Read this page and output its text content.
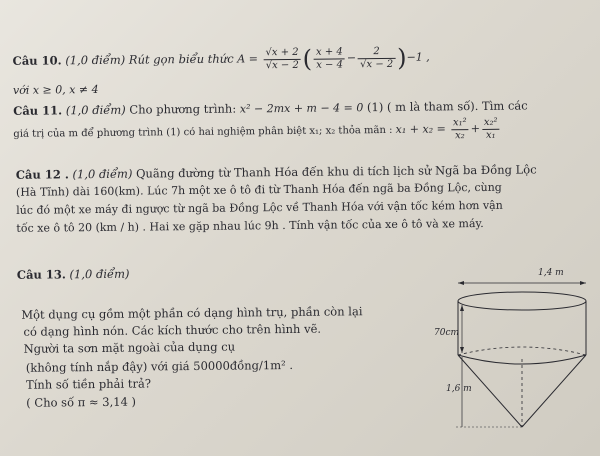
Câu 10. (1,0 điểm) Rút gọn biểu thức $A = \frac{√x + 2}{√x - 2}$ ( $\frac{x + 4}{x - 4} - \frac{2}{√x - 2} )-1$ ,
với x ≥ 0, x ≠ 4
Câu 11. (1,0 điểm) Cho phương trình: x² − 2mx + m − 4 = 0 (1) ( m là tham số). Tìm các
giá trị của m để phương trình (1) có hai nghiệm phân biệt x₁; x₂ thỏa mãn : $x_1 + x_2 = \frac{\text{x₁²}}{\text{x₂}} + \frac{\text{x₂²}}{\text{x₁}}$
Câu 12 . (1,0 điểm) Quãng đường từ Thanh Hóa đến khu di tích lịch sử Ngã ba Đồng Lộc
(Hà Tĩnh) dài 160(km). Lúc 7h một xe ô tô đi từ Thanh Hóa đến ngã ba Đồng Lộc, cùng
lúc đó một xe máy đi ngược từ ngã ba Đồng Lộc về Thanh Hóa với vận tốc kém hơn vận
tốc xe ô tô 20 (km / h) . Hai xe gặp nhau lúc 9h . Tính vận tốc của xe ô tô và xe máy.
Câu 13. (1,0 điểm)
Một dụng cụ gồm một phần có dạng hình trụ, phần còn lại
có dạng hình nón. Các kích thước cho trên hình vẽ.
Người ta sơn mặt ngoài của dụng cụ
(không tính nắp đậy) với giá 50000đồng/1m² .
Tính số tiền phải trả?
( Cho số π ≈ 3,14 )
1,4 m
70cm
1,6 m
